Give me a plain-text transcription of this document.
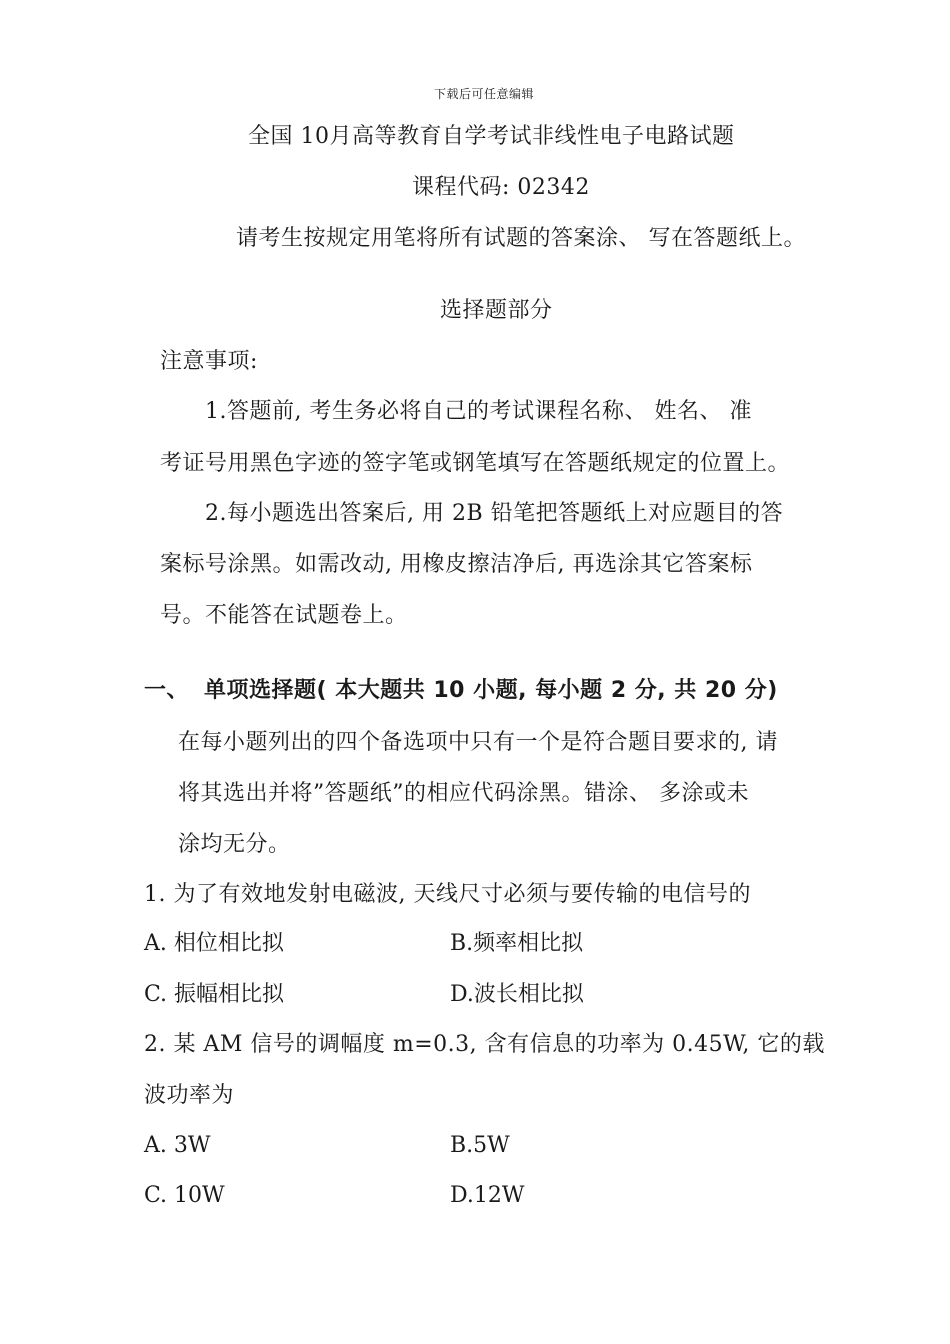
下载后可任意编辑
全国 10月高等教育自学考试非线性电子电路试题
课程代码: 02342
请考生按规定用笔将所有试题的答案涂、 写在答题纸上。
选择题部分
注意事项:
1.答题前, 考生务必将自己的考试课程名称、 姓名、 准
考证号用黑色字迹的签字笔或钢笔填写在答题纸规定的位置上。
2.每小题选出答案后, 用 2B 铅笔把答题纸上对应题目的答
案标号涂黑。如需改动, 用橡皮擦洁净后, 再选涂其它答案标
号。不能答在试题卷上。
一、 单项选择题( 本大题共 10 小题, 每小题 2 分, 共 20 分)
在每小题列出的四个备选项中只有一个是符合题目要求的, 请
将其选出并将”答题纸”的相应代码涂黑。错涂、 多涂或未
涂均无分。
1. 为了有效地发射电磁波, 天线尺寸必须与要传输的电信号的
A. 相位相比拟	B.频率相比拟
C. 振幅相比拟	D.波长相比拟
2. 某 AM 信号的调幅度 m=0.3, 含有信息的功率为 0.45W, 它的载
波功率为
A. 3W	B.5W
C. 10W	D.12W
